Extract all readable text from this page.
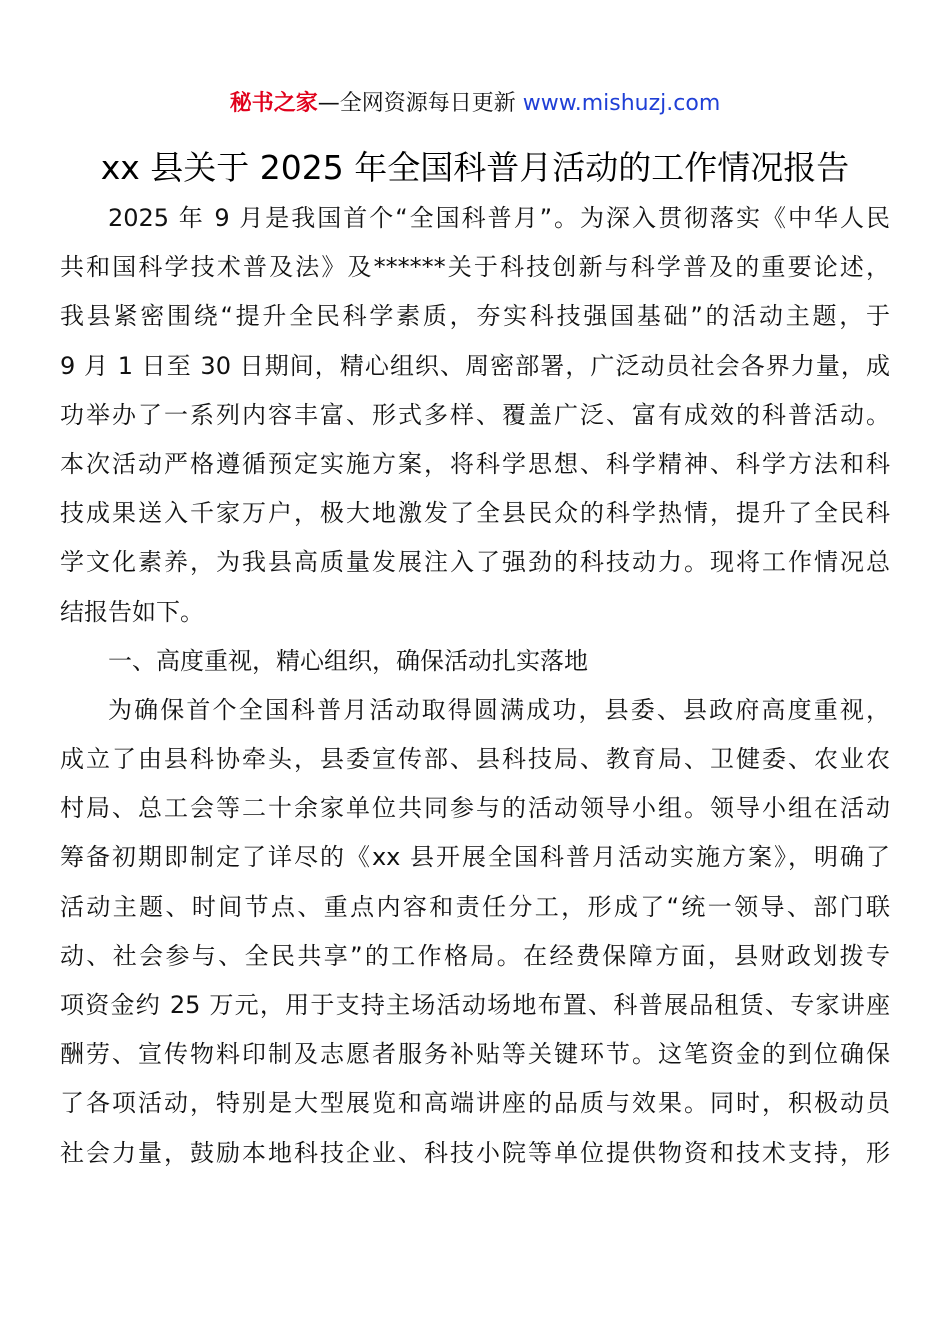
秘书之家—全网资源每日更新 www.mishuzj.com
xx 县关于 2025 年全国科普月活动的工作情况报告
2025 年 9 月是我国首个“全国科普月”。为深入贯彻落实《中华人民
共和国科学技术普及法》及******关于科技创新与科学普及的重要论述，
我县紧密围绕“提升全民科学素质，夯实科技强国基础”的活动主题，于
9 月 1 日至 30 日期间，精心组织、周密部署，广泛动员社会各界力量，成
功举办了一系列内容丰富、形式多样、覆盖广泛、富有成效的科普活动。
本次活动严格遵循预定实施方案，将科学思想、科学精神、科学方法和科
技成果送入千家万户，极大地激发了全县民众的科学热情，提升了全民科
学文化素养，为我县高质量发展注入了强劲的科技动力。现将工作情况总
结报告如下。
一、高度重视，精心组织，确保活动扎实落地
为确保首个全国科普月活动取得圆满成功，县委、县政府高度重视，
成立了由县科协牵头，县委宣传部、县科技局、教育局、卫健委、农业农
村局、总工会等二十余家单位共同参与的活动领导小组。领导小组在活动
筹备初期即制定了详尽的《xx 县开展全国科普月活动实施方案》，明确了
活动主题、时间节点、重点内容和责任分工，形成了“统一领导、部门联
动、社会参与、全民共享”的工作格局。在经费保障方面，县财政划拨专
项资金约 25 万元，用于支持主场活动场地布置、科普展品租赁、专家讲座
酬劳、宣传物料印制及志愿者服务补贴等关键环节。这笔资金的到位确保
了各项活动，特别是大型展览和高端讲座的品质与效果。同时，积极动员
社会力量，鼓励本地科技企业、科技小院等单位提供物资和技术支持，形
